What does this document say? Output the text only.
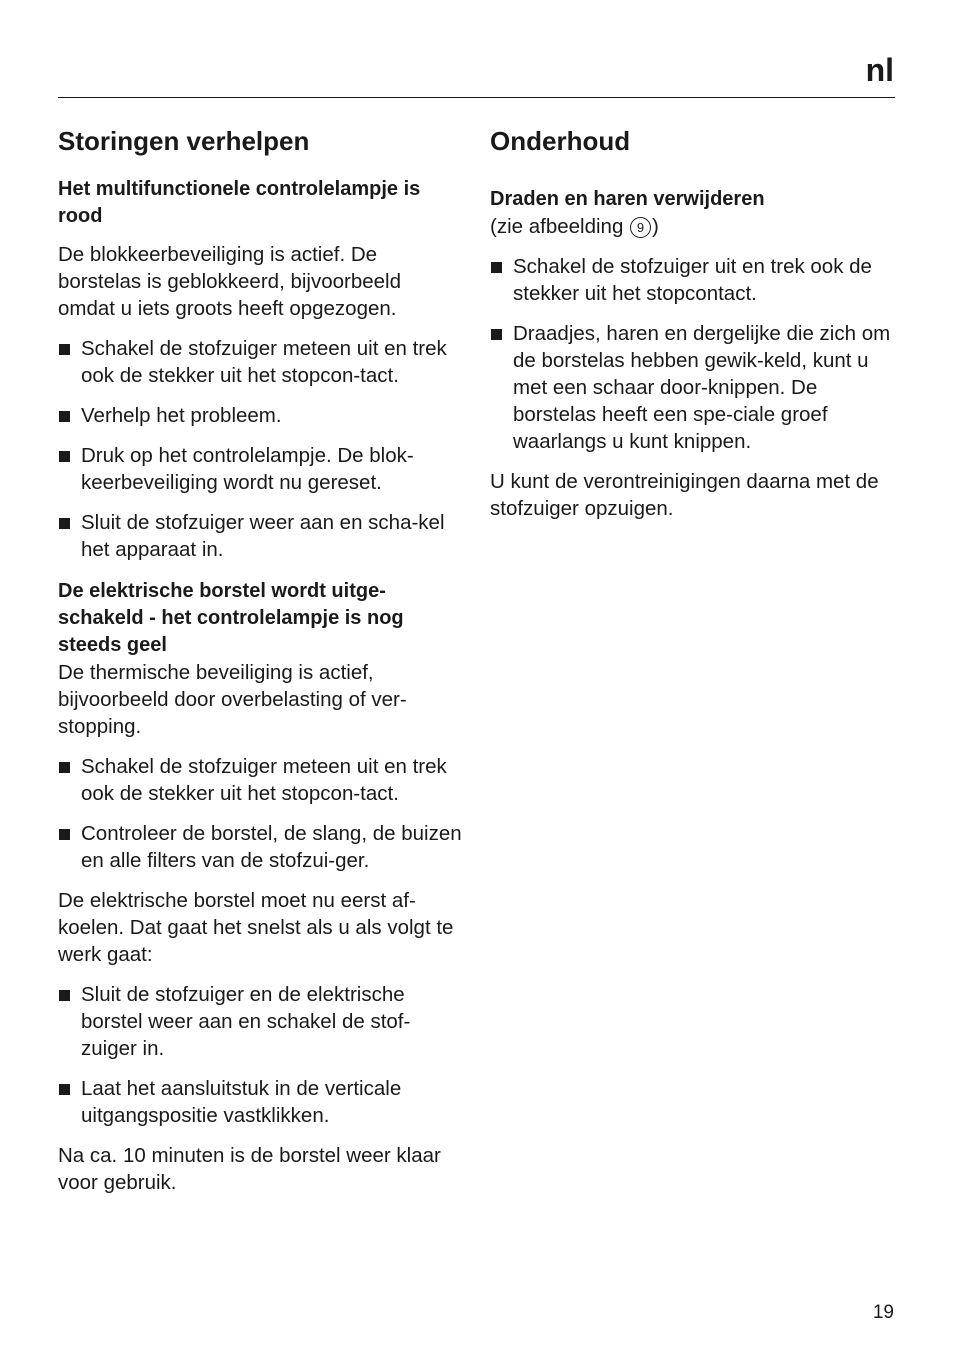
nl
Storingen verhelpen
Het multifunctionele controlelampje is rood

De blokkeerbeveiliging is actief. De borstelas is geblokkeerd, bijvoorbeeld omdat u iets groots heeft opgezogen.

Schakel de stofzuiger meteen uit en trek ook de stekker uit het stopcon-tact.
Verhelp het probleem.
Druk op het controlelampje. De blok-keerbeveiliging wordt nu gereset.
Sluit de stofzuiger weer aan en scha-kel het apparaat in.
De elektrische borstel wordt uitge-schakeld - het controlelampje is nog steeds geel

De thermische beveiliging is actief, bijvoorbeeld door overbelasting of ver-stopping.

Schakel de stofzuiger meteen uit en trek ook de stekker uit het stopcon-tact.
Controleer de borstel, de slang, de buizen en alle filters van de stofzui-ger.

De elektrische borstel moet nu eerst af-koelen. Dat gaat het snelst als u als volgt te werk gaat:

Sluit de stofzuiger en de elektrische borstel weer aan en schakel de stof-zuiger in.
Laat het aansluitstuk in de verticale uitgangspositie vastklikken.

Na ca. 10 minuten is de borstel weer klaar voor gebruik.

Onderhoud
Draden en haren verwijderen

(zie afbeelding 9 )

Schakel de stofzuiger uit en trek ook de stekker uit het stopcontact.
Draadjes, haren en dergelijke die zich om de borstelas hebben gewik-keld, kunt u met een schaar door-knippen. De borstelas heeft een spe-ciale groef waarlangs u kunt knippen.

U kunt de verontreinigingen daarna met de stofzuiger opzuigen.

19
